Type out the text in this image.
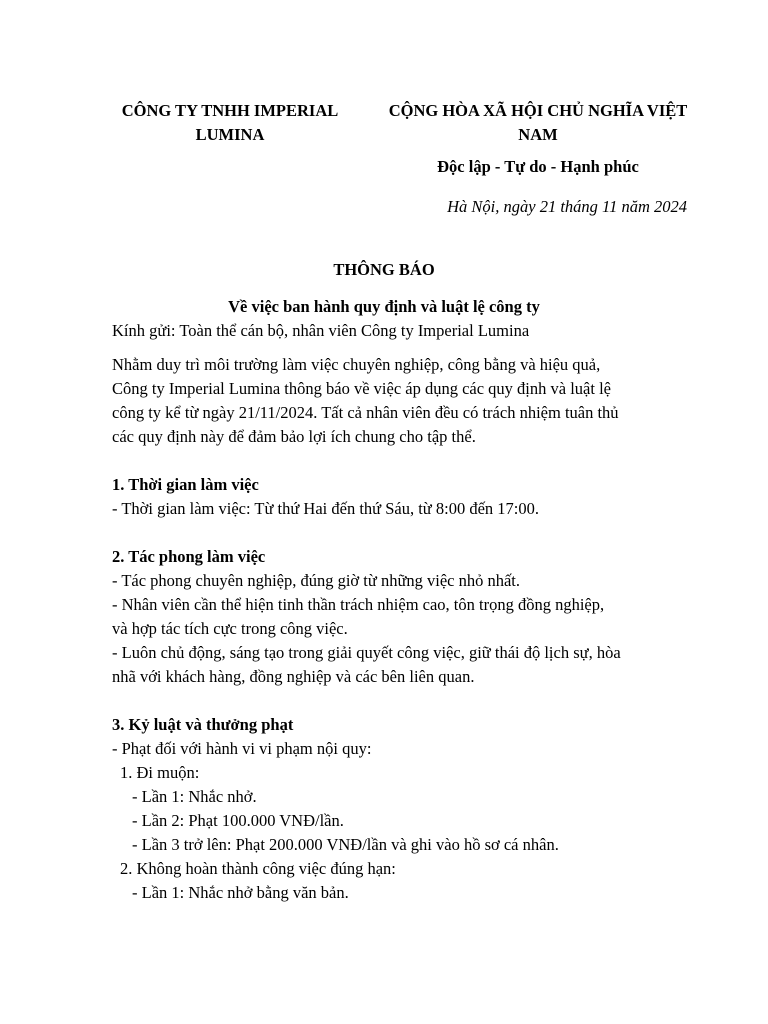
CÔNG TY TNHH IMPERIAL
LUMINA
CỘNG HÒA XÃ HỘI CHỦ NGHĨA VIỆT
NAM
Độc lập - Tự do - Hạnh phúc
Hà Nội, ngày 21 tháng 11 năm 2024
THÔNG BÁO
Về việc ban hành quy định và luật lệ công ty

Kính gửi: Toàn thể cán bộ, nhân viên Công ty Imperial Lumina

Nhằm duy trì môi trường làm việc chuyên nghiệp, công bằng và hiệu quả,
Công ty Imperial Lumina thông báo về việc áp dụng các quy định và luật lệ
công ty kể từ ngày 21/11/2024. Tất cả nhân viên đều có trách nhiệm tuân thủ
các quy định này để đảm bảo lợi ích chung cho tập thể.

1. Thời gian làm việc

- Thời gian làm việc: Từ thứ Hai đến thứ Sáu, từ 8:00 đến 17:00.

2. Tác phong làm việc

- Tác phong chuyên nghiệp, đúng giờ từ những việc nhỏ nhất.
- Nhân viên cần thể hiện tinh thần trách nhiệm cao, tôn trọng đồng nghiệp,
và hợp tác tích cực trong công việc.
- Luôn chủ động, sáng tạo trong giải quyết công việc, giữ thái độ lịch sự, hòa
nhã với khách hàng, đồng nghiệp và các bên liên quan.

3. Kỷ luật và thưởng phạt

- Phạt đối với hành vi vi phạm nội quy:
1. Đi muộn:
- Lần 1: Nhắc nhở.
- Lần 2: Phạt 100.000 VNĐ/lần.
- Lần 3 trở lên: Phạt 200.000 VNĐ/lần và ghi vào hồ sơ cá nhân.
2. Không hoàn thành công việc đúng hạn:
- Lần 1: Nhắc nhở bằng văn bản.
